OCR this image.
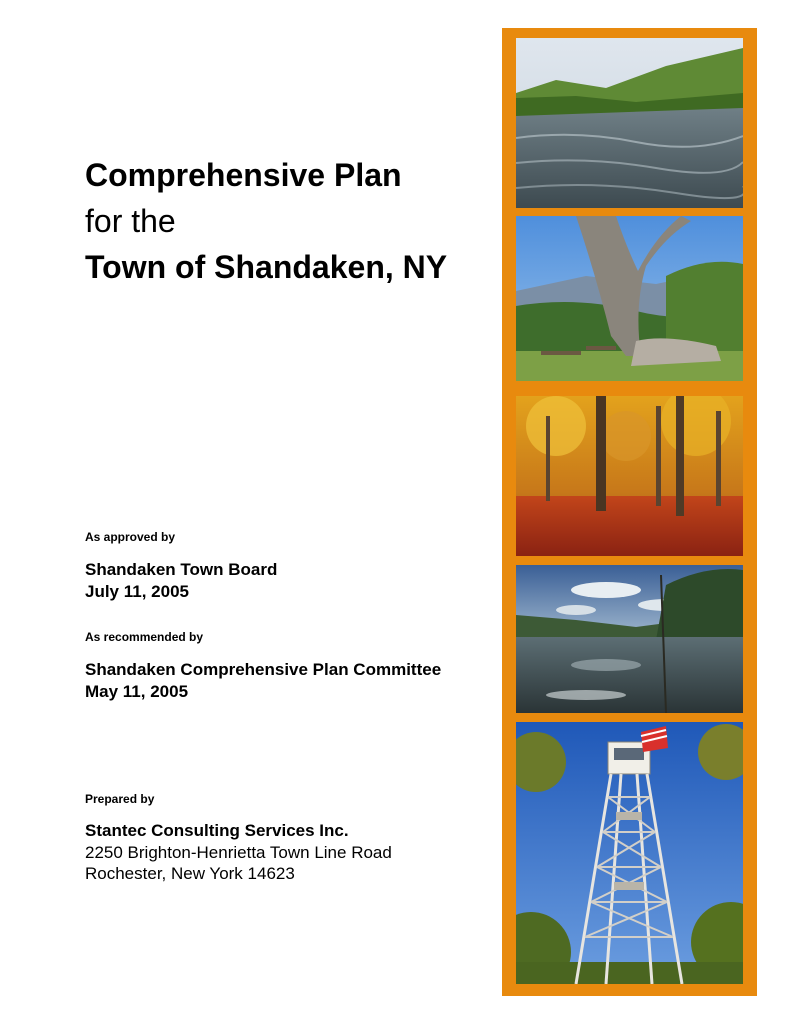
Comprehensive Plan
for the
Town of Shandaken, NY
As approved by
Shandaken Town Board
July 11, 2005
As recommended by
Shandaken Comprehensive Plan Committee
May 11, 2005
Prepared by
Stantec Consulting Services Inc.
2250 Brighton-Henrietta Town Line Road
Rochester, New York 14623
